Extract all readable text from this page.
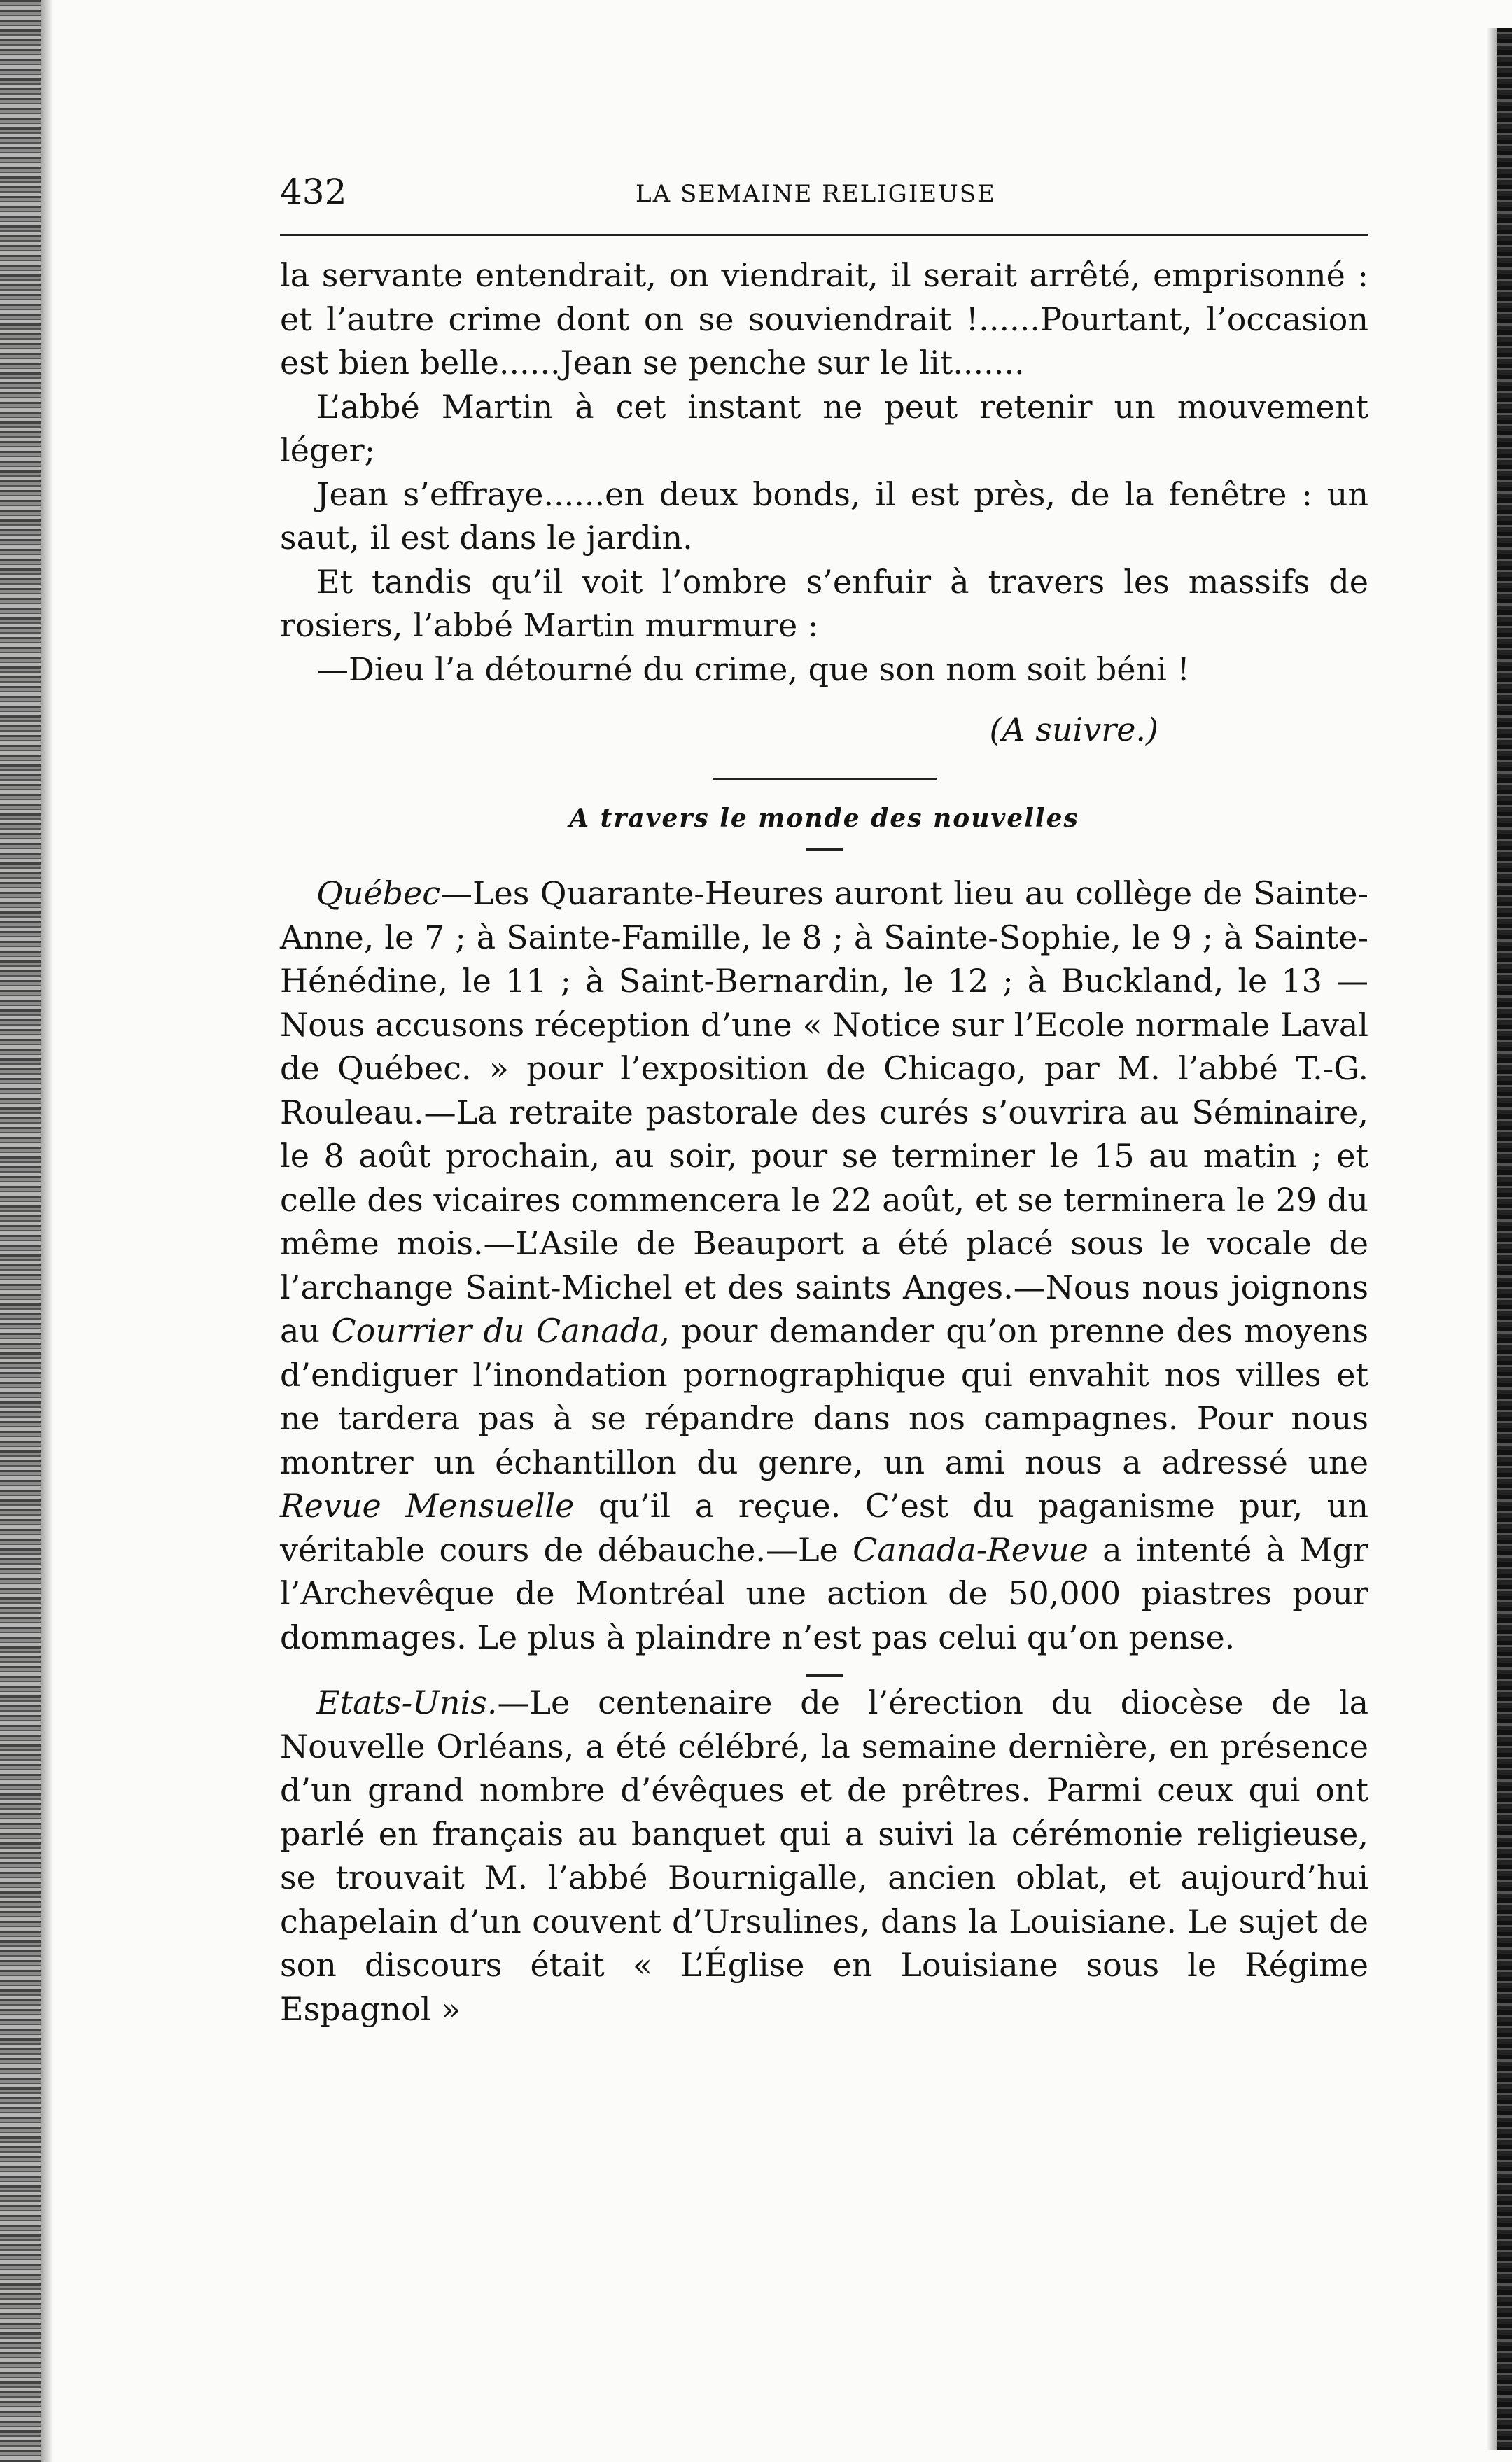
432	LA SEMAINE RELIGIEUSE

la servante entendrait, on viendrait, il serait arrêté, emprisonné : et l’autre crime dont on se souviendrait !......Pourtant, l’occasion est bien belle......Jean se penche sur le lit.......

L’abbé Martin à cet instant ne peut retenir un mouvement léger;

Jean s’effraye......en deux bonds, il est près, de la fenêtre : un saut, il est dans le jardin.

Et tandis qu’il voit l’ombre s’enfuir à travers les massifs de rosiers, l’abbé Martin murmure :

—Dieu l’a détourné du crime, que son nom soit béni !

(A suivre.)

A travers le monde des nouvelles

Québec—Les Quarante-Heures auront lieu au collège de Sainte-Anne, le 7 ; à Sainte-Famille, le 8 ; à Sainte-Sophie, le 9 ; à Sainte-Hénédine, le 11 ; à Saint-Bernardin, le 12 ; à Buckland, le 13 —Nous accusons réception d’une « Notice sur l’Ecole normale Laval de Québec. » pour l’exposition de Chicago, par M. l’abbé T.-G. Rouleau.—La retraite pastorale des curés s’ouvrira au Séminaire, le 8 août prochain, au soir, pour se terminer le 15 au matin ; et celle des vicaires commencera le 22 août, et se terminera le 29 du même mois.—L’Asile de Beauport a été placé sous le vocale de l’archange Saint-Michel et des saints Anges.—Nous nous joignons au Courrier du Canada, pour demander qu’on prenne des moyens d’endiguer l’inondation pornographique qui envahit nos villes et ne tardera pas à se répandre dans nos campagnes. Pour nous montrer un échantillon du genre, un ami nous a adressé une Revue Mensuelle qu’il a reçue. C’est du paganisme pur, un véritable cours de débauche.—Le Canada-Revue a intenté à Mgr l’Archevêque de Montréal une action de 50,000 piastres pour dommages. Le plus à plaindre n’est pas celui qu’on pense.

Etats-Unis.—Le centenaire de l’érection du diocèse de la Nouvelle Orléans, a été célébré, la semaine dernière, en présence d’un grand nombre d’évêques et de prêtres. Parmi ceux qui ont parlé en français au banquet qui a suivi la cérémonie religieuse, se trouvait M. l’abbé Bournigalle, ancien oblat, et aujourd’hui chapelain d’un couvent d’Ursulines, dans la Louisiane. Le sujet de son discours était « L’Église en Louisiane sous le Régime Espagnol »
